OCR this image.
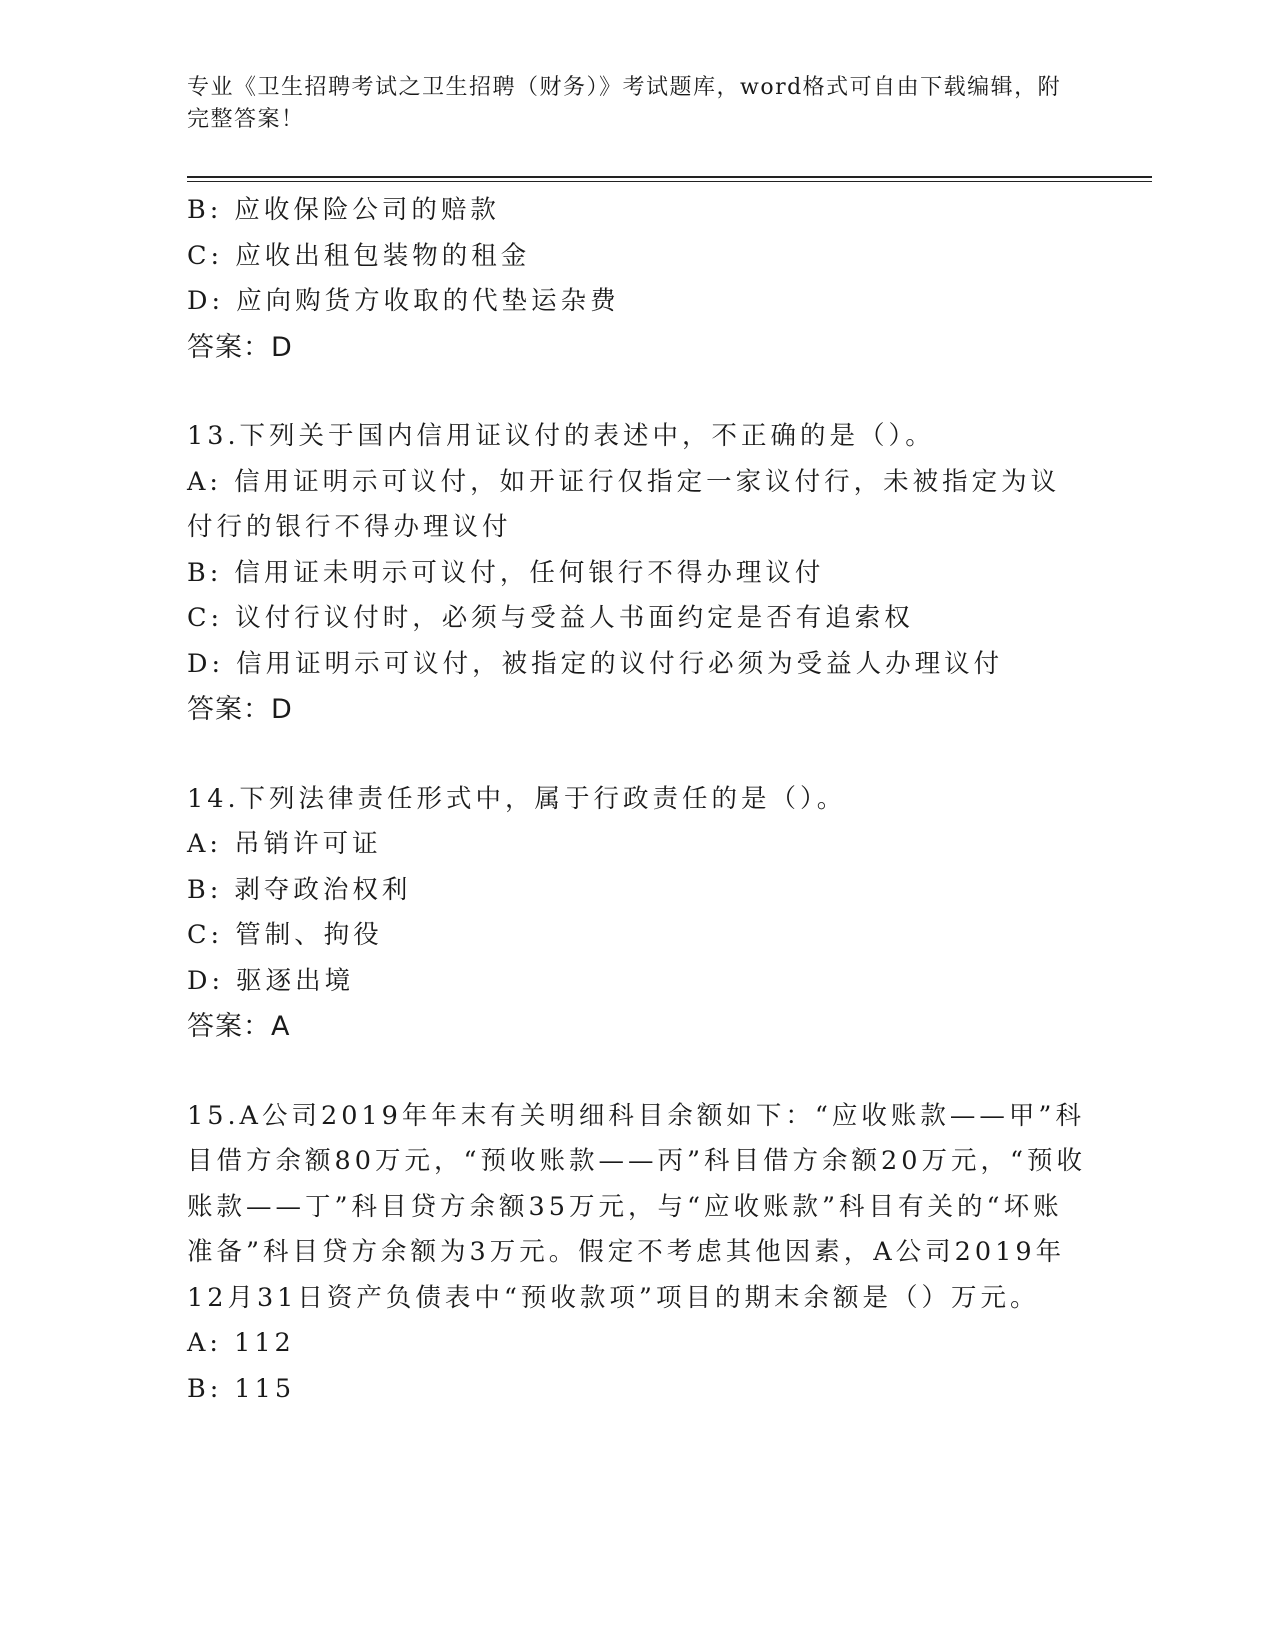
专业《卫生招聘考试之卫生招聘（财务）》考试题库，word格式可自由下载编辑，附完整答案！
B: 应收保险公司的赔款
C: 应收出租包装物的租金
D: 应向购货方收取的代垫运杂费
答案：D
13.下列关于国内信用证议付的表述中，不正确的是（）。
A: 信用证明示可议付，如开证行仅指定一家议付行，未被指定为议付行的银行不得办理议付
B: 信用证未明示可议付，任何银行不得办理议付
C: 议付行议付时，必须与受益人书面约定是否有追索权
D: 信用证明示可议付，被指定的议付行必须为受益人办理议付
答案：D
14.下列法律责任形式中，属于行政责任的是（）。
A: 吊销许可证
B: 剥夺政治权利
C: 管制、拘役
D: 驱逐出境
答案：A
15.A公司2019年年末有关明细科目余额如下：“应收账款——甲”科目借方余额80万元，“预收账款——丙”科目借方余额20万元，“预收账款——丁”科目贷方余额35万元，与“应收账款”科目有关的“坏账准备”科目贷方余额为3万元。假定不考虑其他因素，A公司2019年12月31日资产负债表中“预收款项”项目的期末余额是（）万元。
A: 112
B: 115
